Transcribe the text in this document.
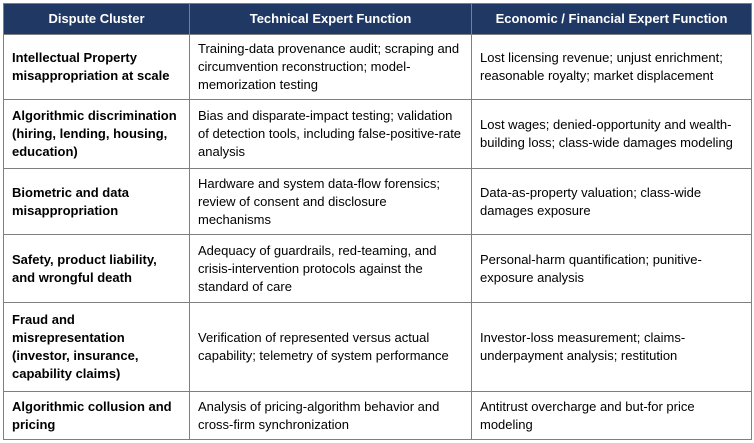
Dispute Cluster	Technical Expert Function	Economic / Financial Expert Function
Intellectual Property misappropriation at scale	Training-data provenance audit; scraping and circumvention reconstruction; model-memorization testing	Lost licensing revenue; unjust enrichment; reasonable royalty; market displacement
Algorithmic discrimination (hiring, lending, housing, education)	Bias and disparate-impact testing; validation of detection tools, including false-positive-rate analysis	Lost wages; denied-opportunity and wealth-building loss; class-wide damages modeling
Biometric and data misappropriation	Hardware and system data-flow forensics; review of consent and disclosure mechanisms	Data-as-property valuation; class-wide damages exposure
Safety, product liability, and wrongful death	Adequacy of guardrails, red-teaming, and crisis-intervention protocols against the standard of care	Personal-harm quantification; punitive-exposure analysis
Fraud and misrepresentation (investor, insurance, capability claims)	Verification of represented versus actual capability; telemetry of system performance	Investor-loss measurement; claims-underpayment analysis; restitution
Algorithmic collusion and pricing	Analysis of pricing-algorithm behavior and cross-firm synchronization	Antitrust overcharge and but-for price modeling
